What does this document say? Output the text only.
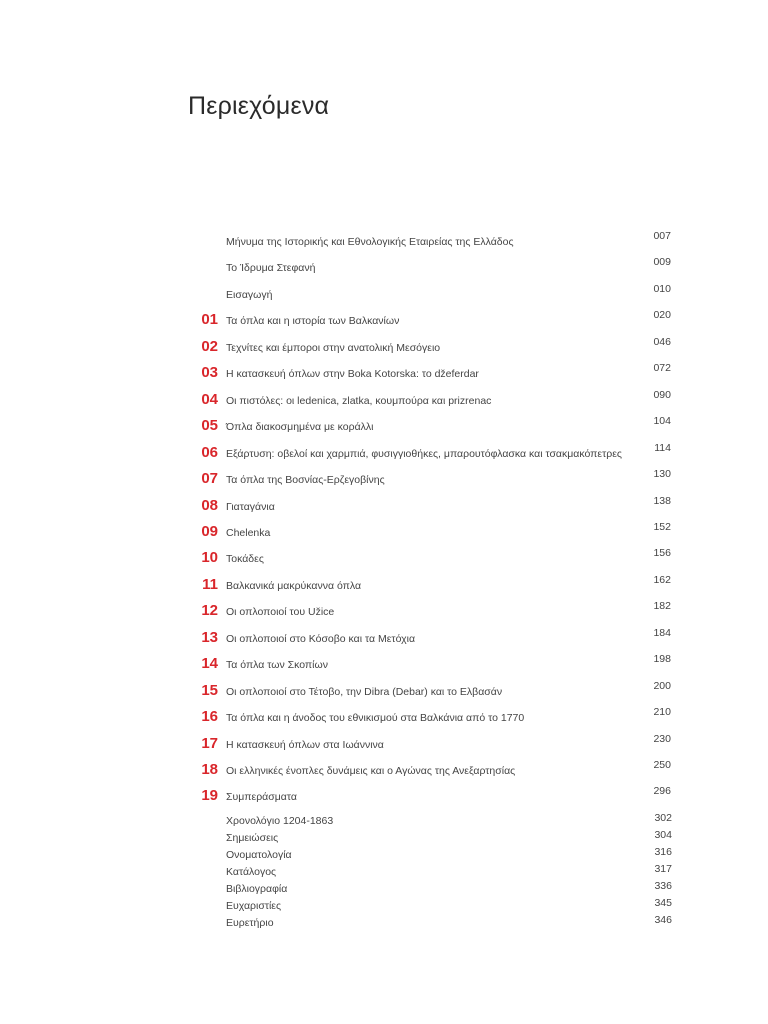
Περιεχόμενα
Μήνυμα της Ιστορικής και Εθνολογικής Εταιρείας της Ελλάδος	007
Το Ίδρυμα Στεφανή	009
Εισαγωγή	010
01 Τα όπλα και η ιστορία των Βαλκανίων	020
02 Τεχνίτες και έμποροι στην ανατολική Μεσόγειο	046
03 Η κατασκευή όπλων στην Boka Kotorska: το džeferdar	072
04 Οι πιστόλες: οι ledenica, zlatka, κουμπούρα και prizrenac	090
05 Όπλα διακοσμημένα με κοράλλι	104
06 Εξάρτυση: οβελοί και χαρμπιά, φυσιγγιοθήκες, μπαρουτόφλασκα και τσακμακόπετρες	114
07 Τα όπλα της Βοσνίας-Ερζεγοβίνης	130
08 Γιαταγάνια	138
09 Chelenka	152
10 Τοκάδες	156
11 Βαλκανικά μακρύκαννα όπλα	162
12 Οι οπλοποιοί του Užice	182
13 Οι οπλοποιοί στο Κόσοβο και τα Μετόχια	184
14 Τα όπλα των Σκοπίων	198
15 Οι οπλοποιοί στο Τέτοβο, την Dibra (Debar) και το Ελβασάν	200
16 Τα όπλα και η άνοδος του εθνικισμού στα Βαλκάνια από το 1770	210
17 Η κατασκευή όπλων στα Ιωάννινα	230
18 Οι ελληνικές ένοπλες δυνάμεις και ο Αγώνας της Ανεξαρτησίας	250
19 Συμπεράσματα	296
Χρονολόγιο 1204-1863	302
Σημειώσεις	304
Ονοματολογία	316
Κατάλογος	317
Βιβλιογραφία	336
Ευχαριστίες	345
Ευρετήριο	346
